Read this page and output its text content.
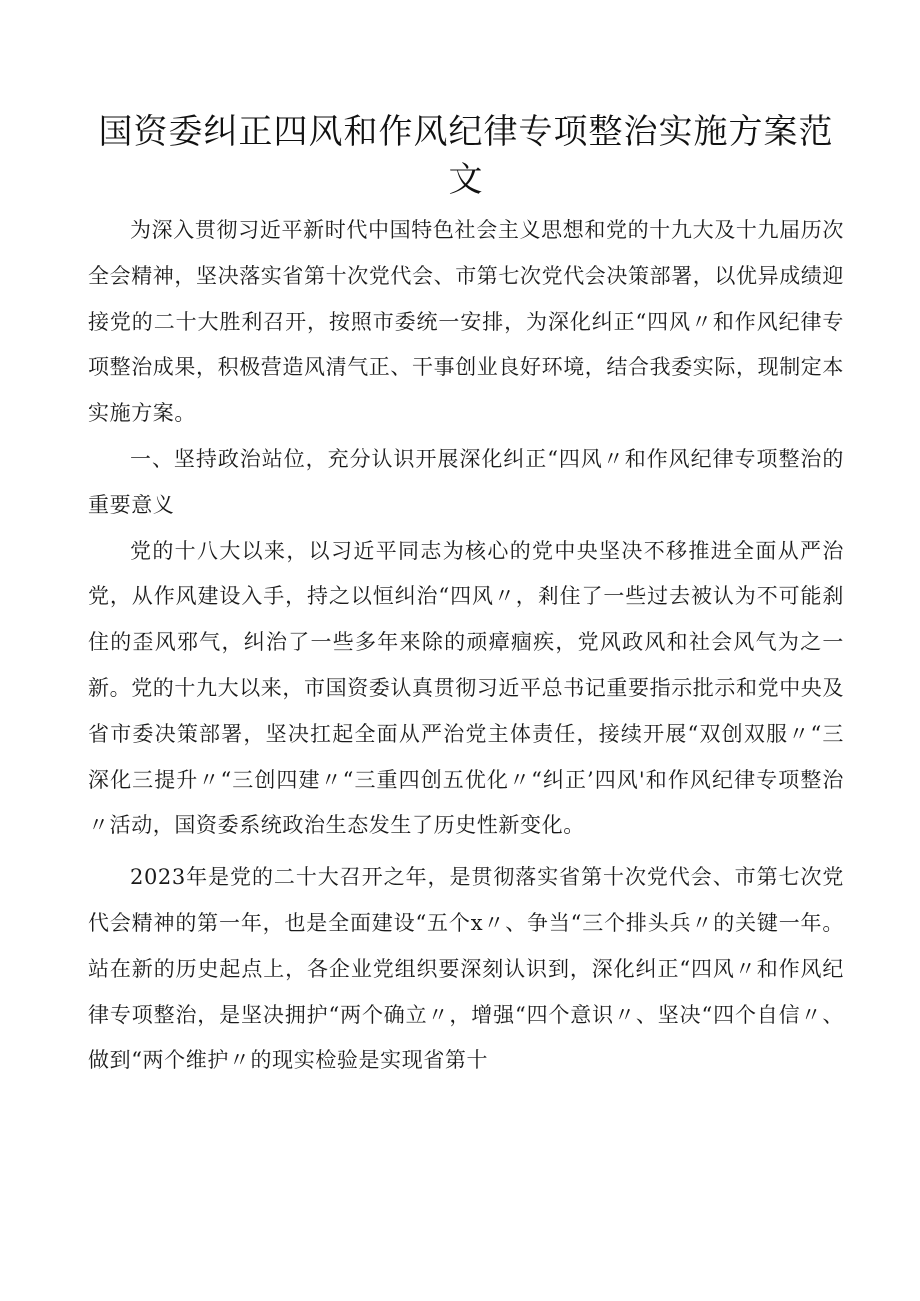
国资委纠正四风和作风纪律专项整治实施方案范文

为深入贯彻习近平新时代中国特色社会主义思想和党的十九大及十九届历次全会精神，坚决落实省第十次党代会、市第七次党代会决策部署，以优异成绩迎接党的二十大胜利召开，按照市委统一安排，为深化纠正“四风〃和作风纪律专项整治成果，积极营造风清气正、干事创业良好环境，结合我委实际，现制定本实施方案。

一、坚持政治站位，充分认识开展深化纠正“四风〃和作风纪律专项整治的重要意义

党的十八大以来，以习近平同志为核心的党中央坚决不移推进全面从严治党，从作风建设入手，持之以恒纠治“四风〃，剎住了一些过去被认为不可能刹住的歪风邪气，纠治了一些多年来除的顽瘴痼疾，党风政风和社会风气为之一新。党的十九大以来，市国资委认真贯彻习近平总书记重要指示批示和党中央及省市委决策部署，坚决扛起全面从严治党主体责任，接续开展“双创双服〃“三深化三提升〃“三创四建〃“三重四创五优化〃“纠正’四风'和作风纪律专项整治〃活动，国资委系统政治生态发生了历史性新变化。

2023年是党的二十大召开之年，是贯彻落实省第十次党代会、市第七次党代会精神的第一年，也是全面建设“五个x〃、争当“三个排头兵〃的关键一年。站在新的历史起点上，各企业党组织要深刻认识到，深化纠正“四风〃和作风纪律专项整治，是坚决拥护“两个确立〃，增强“四个意识〃、坚决“四个自信〃、做到“两个维护〃的现实检验是实现省第十
